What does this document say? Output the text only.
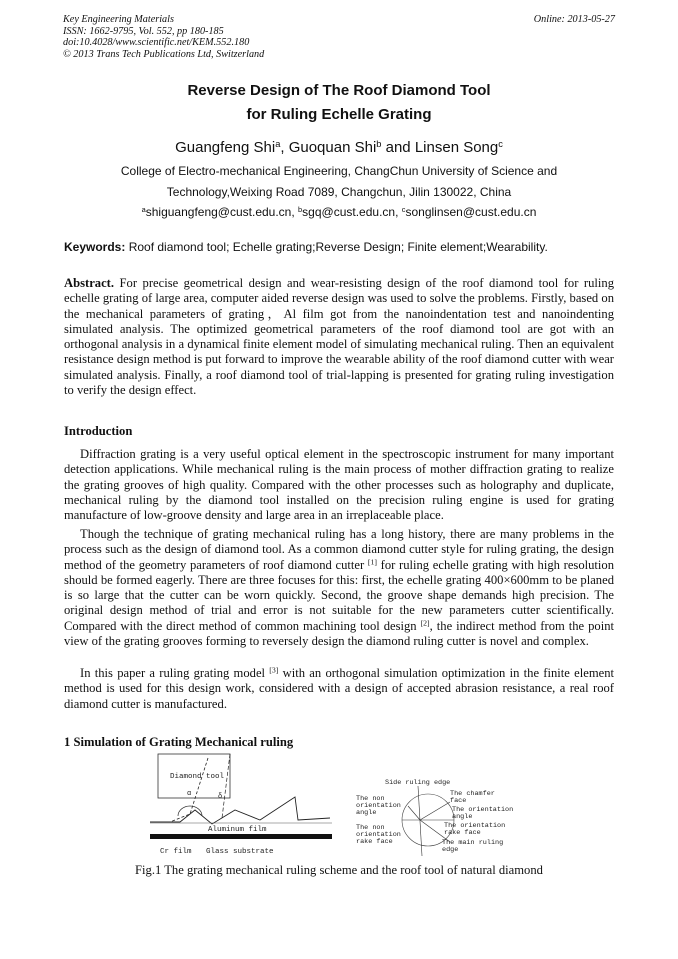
Key Engineering Materials
ISSN: 1662-9795, Vol. 552, pp 180-185
doi:10.4028/www.scientific.net/KEM.552.180
© 2013 Trans Tech Publications Ltd, Switzerland
Online: 2013-05-27
Reverse Design of The Roof Diamond Tool
for Ruling Echelle Grating
Guangfeng Shi$^a$, Guoquan Shi$^b$ and Linsen Song$^c$
College of Electro-mechanical Engineering, ChangChun University of Science and
Technology,Weixing Road 7089, Changchun, Jilin 130022, China
$^a$shiguangfeng@cust.edu.cn, $^b$sgq@cust.edu.cn, $^c$songlinsen@cust.edu.cn
Keywords: Roof diamond tool; Echelle grating;Reverse Design; Finite element;Wearability.
Abstract. For precise geometrical design and wear-resisting design of the roof diamond tool for ruling echelle grating of large area, computer aided reverse design was used to solve the problems. Firstly, based on the mechanical parameters of grating，Al film got from the nanoindentation test and nanoindenting simulated analysis. The optimized geometrical parameters of the roof diamond tool are got with an orthogonal analysis in a dynamical finite element model of simulating mechanical ruling. Then an equivalent resistance design method is put forward to improve the wearable ability of the roof diamond cutter with wear simulated analysis. Finally, a roof diamond tool of trial-lapping is presented for grating ruling investigation to verify the design effect.
Introduction
Diffraction grating is a very useful optical element in the spectroscopic instrument for many important detection applications. While mechanical ruling is the main process of mother diffraction grating to realize the grating grooves of high quality. Compared with the other processes such as holography and duplicate, mechanical ruling by the diamond tool installed on the precision ruling engine is used for grating manufacture of low-groove density and large area in an irreplaceable place.
Though the technique of grating mechanical ruling has a long history, there are many problems in the process such as the design of diamond tool. As a common diamond cutter style for ruling grating, the design method of the geometry parameters of roof diamond cutter [1] for ruling echelle grating with high resolution should be formed eagerly. There are three focuses for this: first, the echelle grating 400×600mm to be planed is so large that the cutter can be worn quickly. Second, the groove shape demands high precision. The original design method of trial and error is not suitable for the new parameters cutter scientifically. Compared with the direct method of common machining tool design [2], the indirect method from the point view of the grating grooves forming to reversely design the diamond ruling cutter is novel and complex.
In this paper a ruling grating model [3] with an orthogonal simulation optimization in the finite element method is used for this design work, considered with a design of accepted abrasion resistance, a real roof diamond cutter is manufactured.
1 Simulation of Grating Mechanical ruling
Diamond tool
α	δ
Aluminum film
Cr film Glass substrate
Side ruling edge
The chamfer
face
The orientation
angle
The orientation
rake face
The main ruling
edge
The non
orientation
angle
The non
orientation
rake face
Fig.1 The grating mechanical ruling scheme and the roof tool of natural diamond
